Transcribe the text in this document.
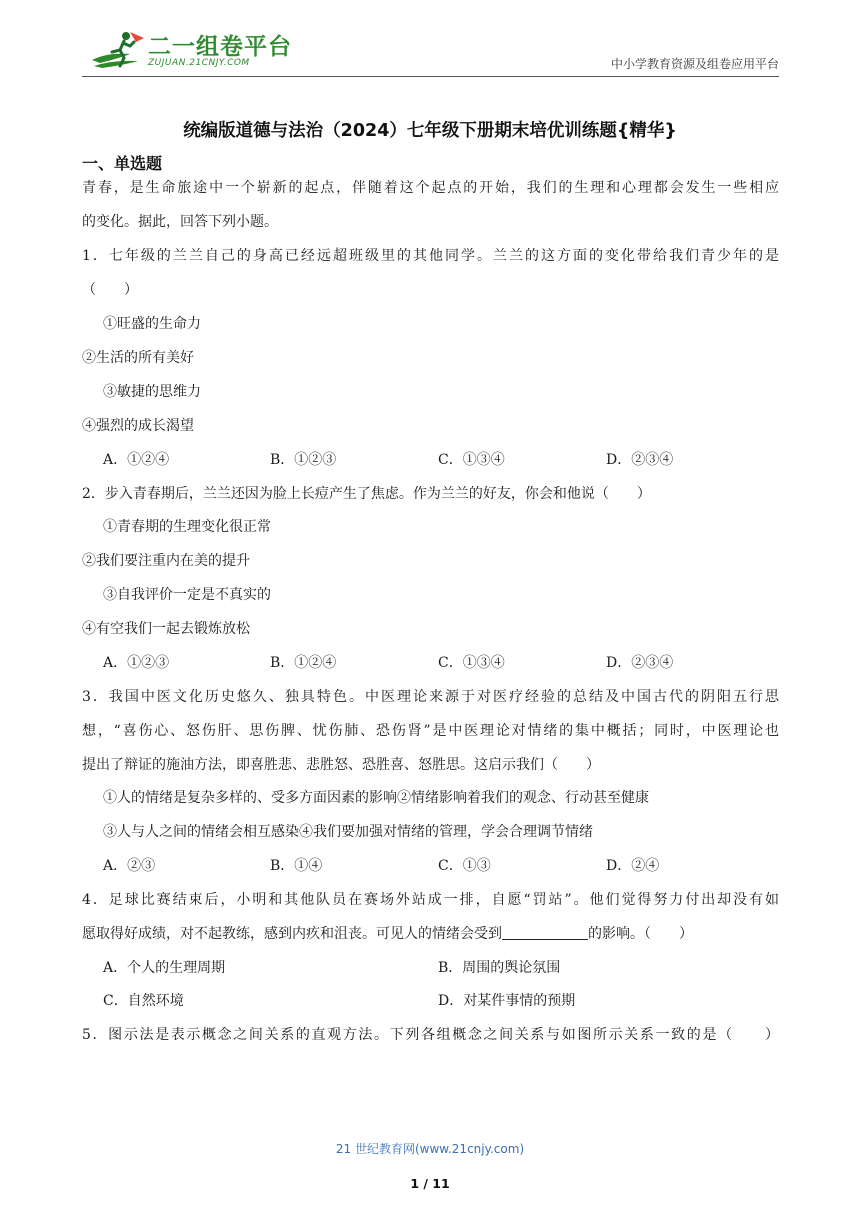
二一组卷平台
ZUJUAN.21CNJY.COM	中小学教育资源及组卷应用平台
统编版道德与法治（2024）七年级下册期末培优训练题{精华}
一、单选题
青春，是生命旅途中一个崭新的起点，伴随着这个起点的开始，我们的生理和心理都会发生一些相应
的变化。据此，回答下列小题。
1．七年级的兰兰自己的身高已经远超班级里的其他同学。兰兰的这方面的变化带给我们青少年的是
（　　）
①旺盛的生命力
②生活的所有美好
③敏捷的思维力
④强烈的成长渴望
A．①②④	B．①②③	C．①③④	D．②③④
2．步入青春期后，兰兰还因为脸上长痘产生了焦虑。作为兰兰的好友，你会和他说（　　）
①青春期的生理变化很正常
②我们要注重内在美的提升
③自我评价一定是不真实的
④有空我们一起去锻炼放松
A．①②③	B．①②④	C．①③④	D．②③④
3．我国中医文化历史悠久、独具特色。中医理论来源于对医疗经验的总结及中国古代的阴阳五行思
想，“喜伤心、怒伤肝、思伤脾、忧伤肺、恐伤肾”是中医理论对情绪的集中概括；同时，中医理论也
提出了辩证的施油方法，即喜胜悲、悲胜怒、恐胜喜、怒胜思。这启示我们（　　）
①人的情绪是复杂多样的、受多方面因素的影响②情绪影响着我们的观念、行动甚至健康
③人与人之间的情绪会相互感染④我们要加强对情绪的管理，学会合理调节情绪
A．②③	B．①④	C．①③	D．②④
4．足球比赛结束后，小明和其他队员在赛场外站成一排，自愿“罚站”。他们觉得努力付出却没有如
愿取得好成绩，对不起教练，感到内疚和沮丧。可见人的情绪会受到	的影响。（　　）
A．个人的生理周期	B．周围的舆论氛围
C．自然环境	D．对某件事情的预期
5．图示法是表示概念之间关系的直观方法。下列各组概念之间关系与如图所示关系一致的是（　　）
21 世纪教育网(www.21cnjy.com)
1 / 11
